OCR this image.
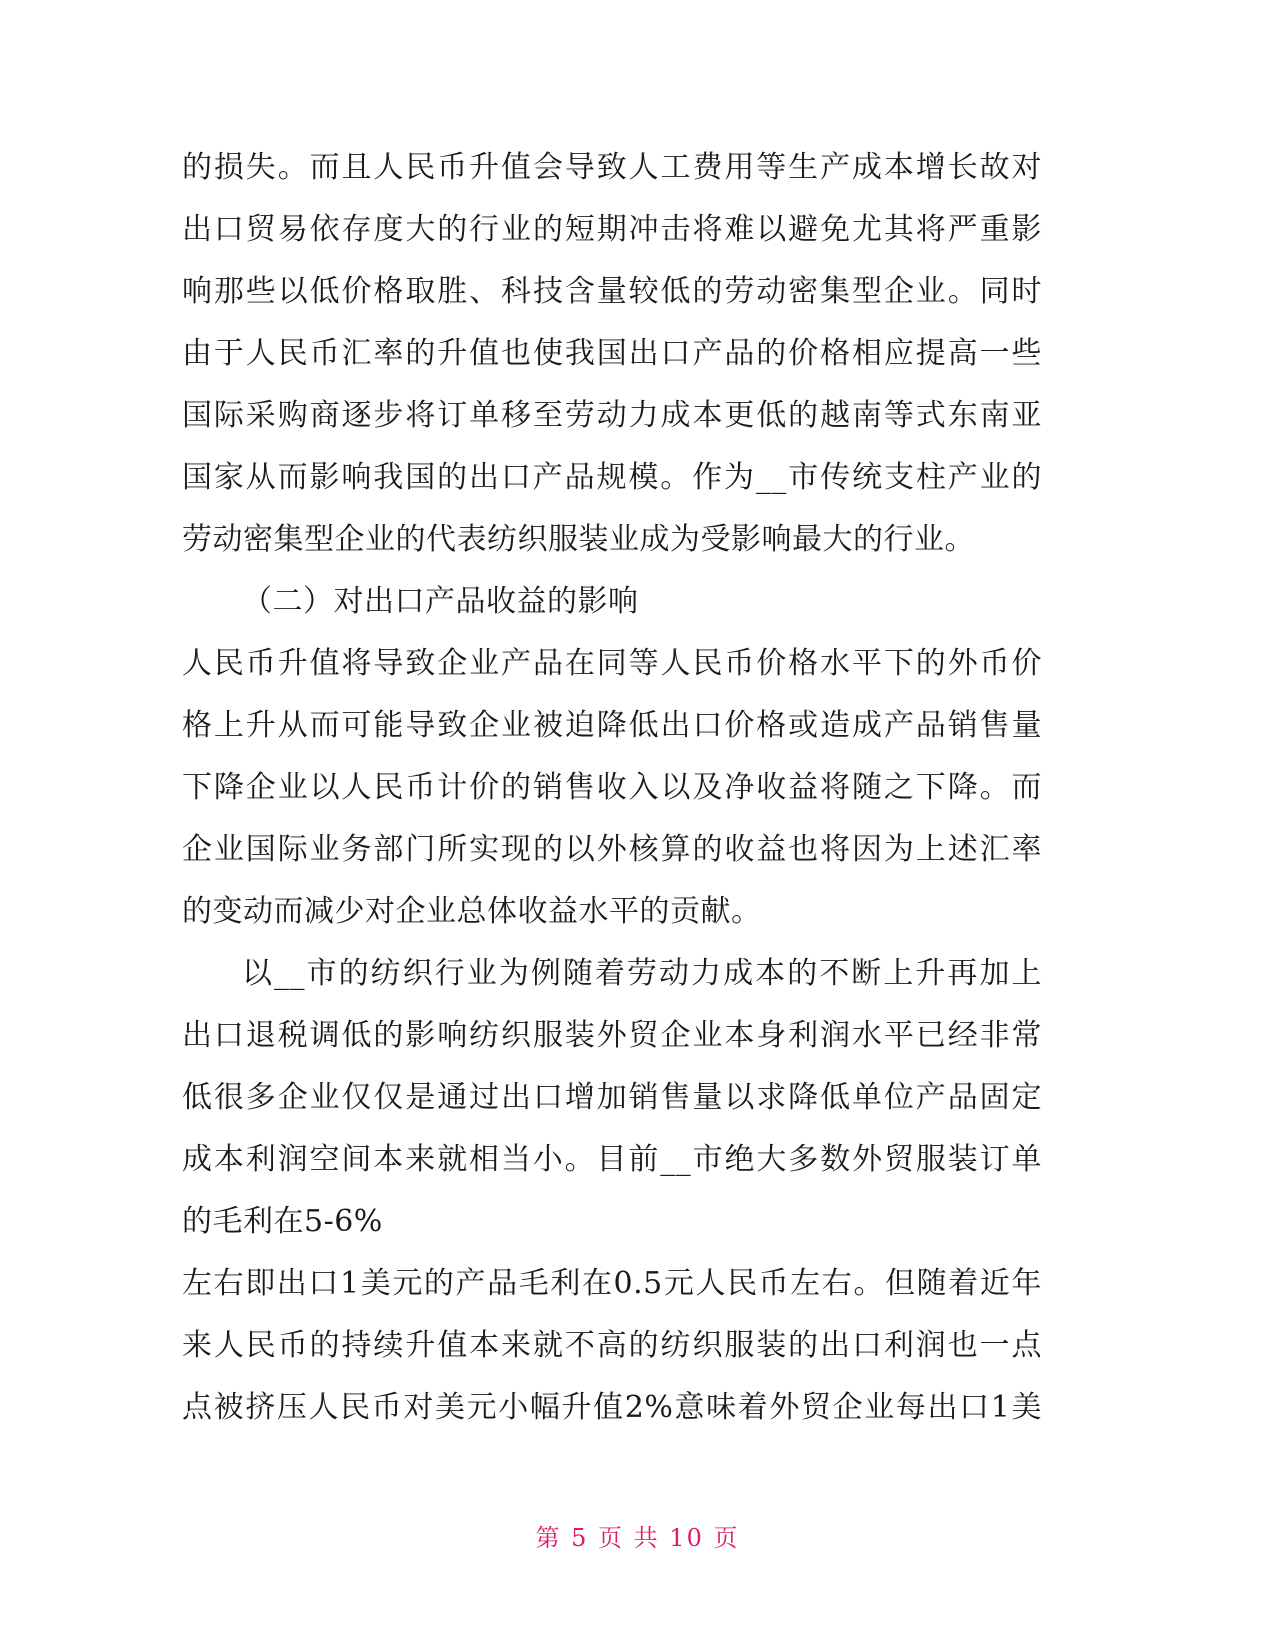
的损失。而且人民币升值会导致人工费用等生产成本增长故对
出口贸易依存度大的行业的短期冲击将难以避免尤其将严重影
响那些以低价格取胜、科技含量较低的劳动密集型企业。同时
由于人民币汇率的升值也使我国出口产品的价格相应提高一些
国际采购商逐步将订单移至劳动力成本更低的越南等式东南亚
国家从而影响我国的出口产品规模。作为__市传统支柱产业的
劳动密集型企业的代表纺织服装业成为受影响最大的行业。
（二）对出口产品收益的影响
人民币升值将导致企业产品在同等人民币价格水平下的外币价
格上升从而可能导致企业被迫降低出口价格或造成产品销售量
下降企业以人民币计价的销售收入以及净收益将随之下降。而
企业国际业务部门所实现的以外核算的收益也将因为上述汇率
的变动而减少对企业总体收益水平的贡献。
以__市的纺织行业为例随着劳动力成本的不断上升再加上
出口退税调低的影响纺织服装外贸企业本身利润水平已经非常
低很多企业仅仅是通过出口增加销售量以求降低单位产品固定
成本利润空间本来就相当小。目前__市绝大多数外贸服装订单
的毛利在5-6%
左右即出口1美元的产品毛利在0.5元人民币左右。但随着近年
来人民币的持续升值本来就不高的纺织服装的出口利润也一点
点被挤压人民币对美元小幅升值2%意味着外贸企业每出口1美
第 5 页 共 10 页
